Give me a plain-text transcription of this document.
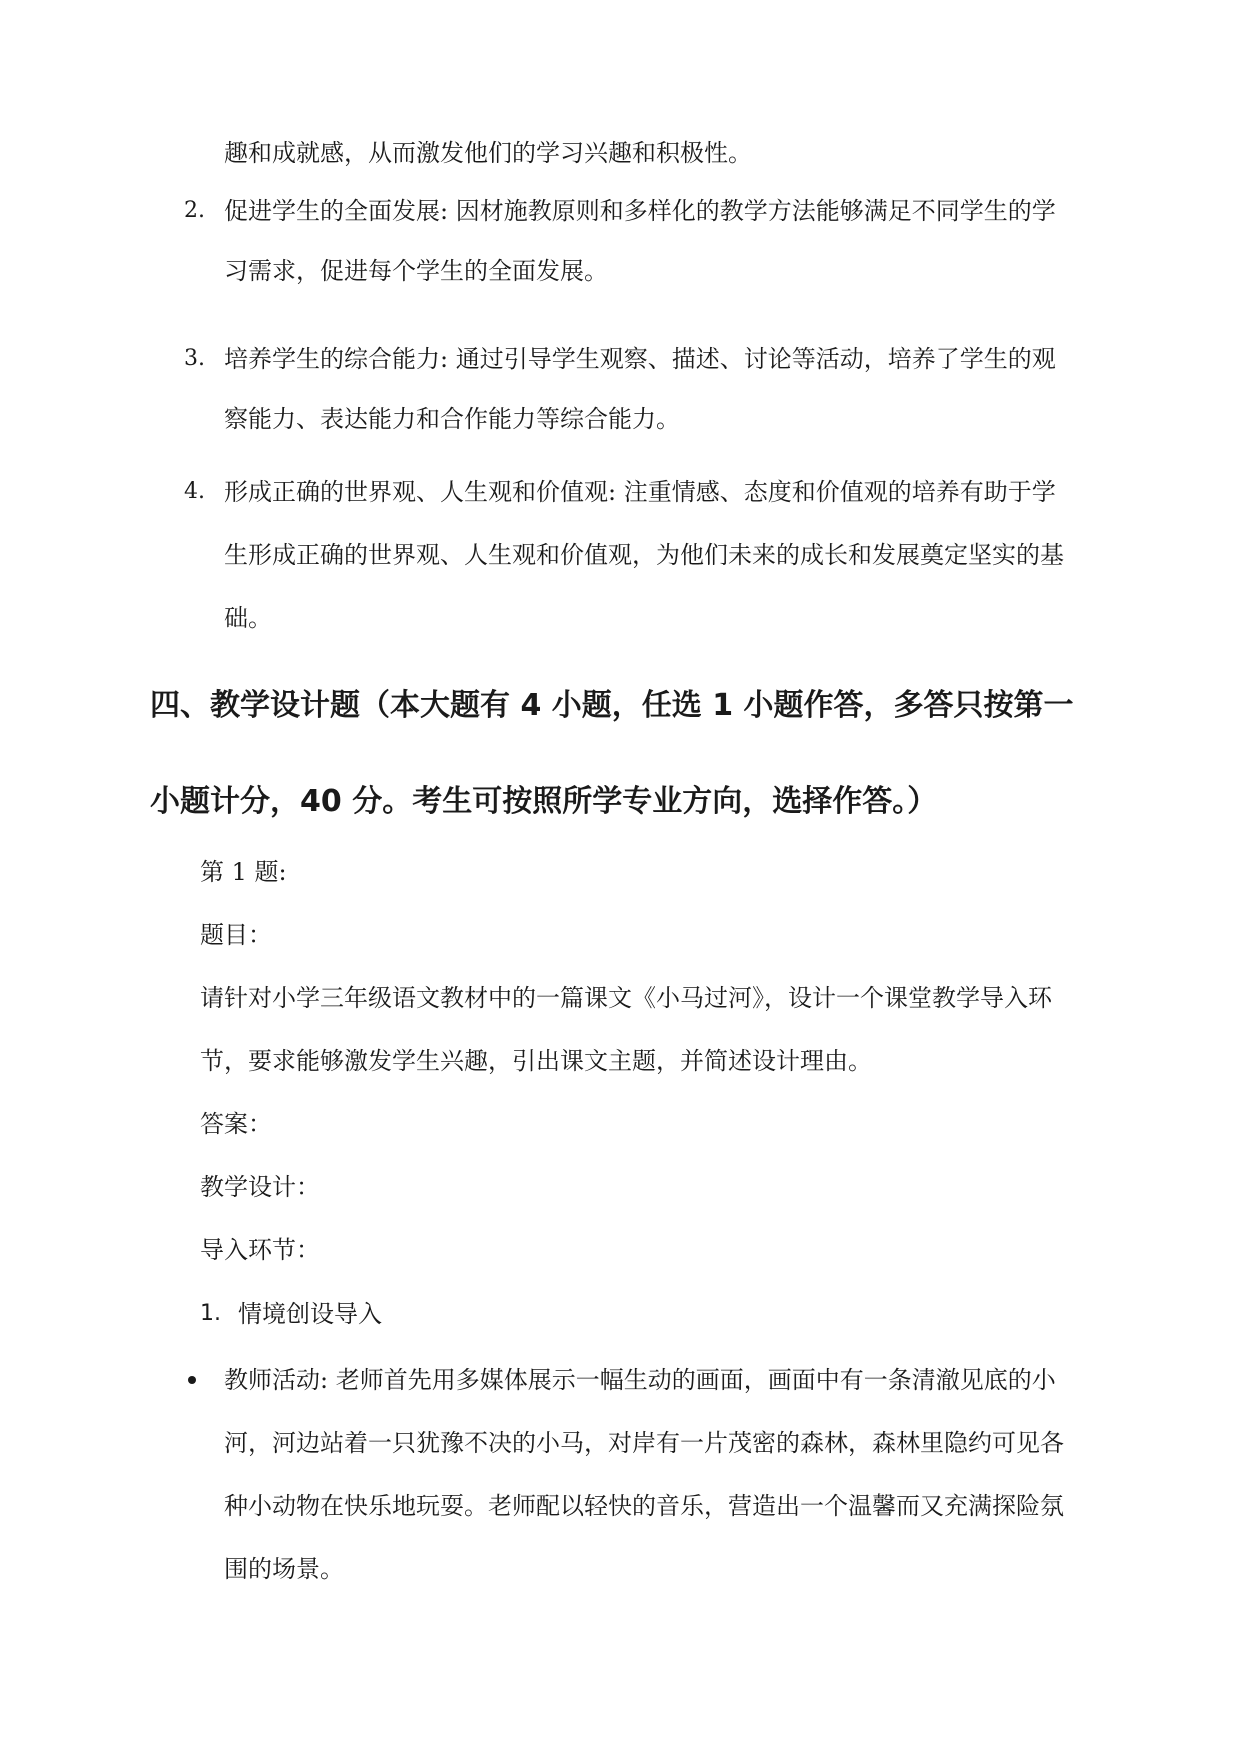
趣和成就感，从而激发他们的学习兴趣和积极性。
2. 促进学生的全面发展: 因材施教原则和多样化的教学方法能够满足不同学生的学
习需求，促进每个学生的全面发展。
3. 培养学生的综合能力: 通过引导学生观察、描述、讨论等活动，培养了学生的观
察能力、表达能力和合作能力等综合能力。
4. 形成正确的世界观、人生观和价值观: 注重情感、态度和价值观的培养有助于学
生形成正确的世界观、人生观和价值观，为他们未来的成长和发展奠定坚实的基
础。
四、教学设计题（本大题有 4 小题，任选 1 小题作答，多答只按第一
小题计分，40 分。考生可按照所学专业方向，选择作答。）
第 1 题:
题目：
请针对小学三年级语文教材中的一篇课文《小马过河》，设计一个课堂教学导入环
节，要求能够激发学生兴趣，引出课文主题，并简述设计理由。
答案：
教学设计：
导入环节：
1. 情境创设导入
教师活动: 老师首先用多媒体展示一幅生动的画面，画面中有一条清澈见底的小
河，河边站着一只犹豫不决的小马，对岸有一片茂密的森林，森林里隐约可见各
种小动物在快乐地玩耍。老师配以轻快的音乐，营造出一个温馨而又充满探险氛
围的场景。
